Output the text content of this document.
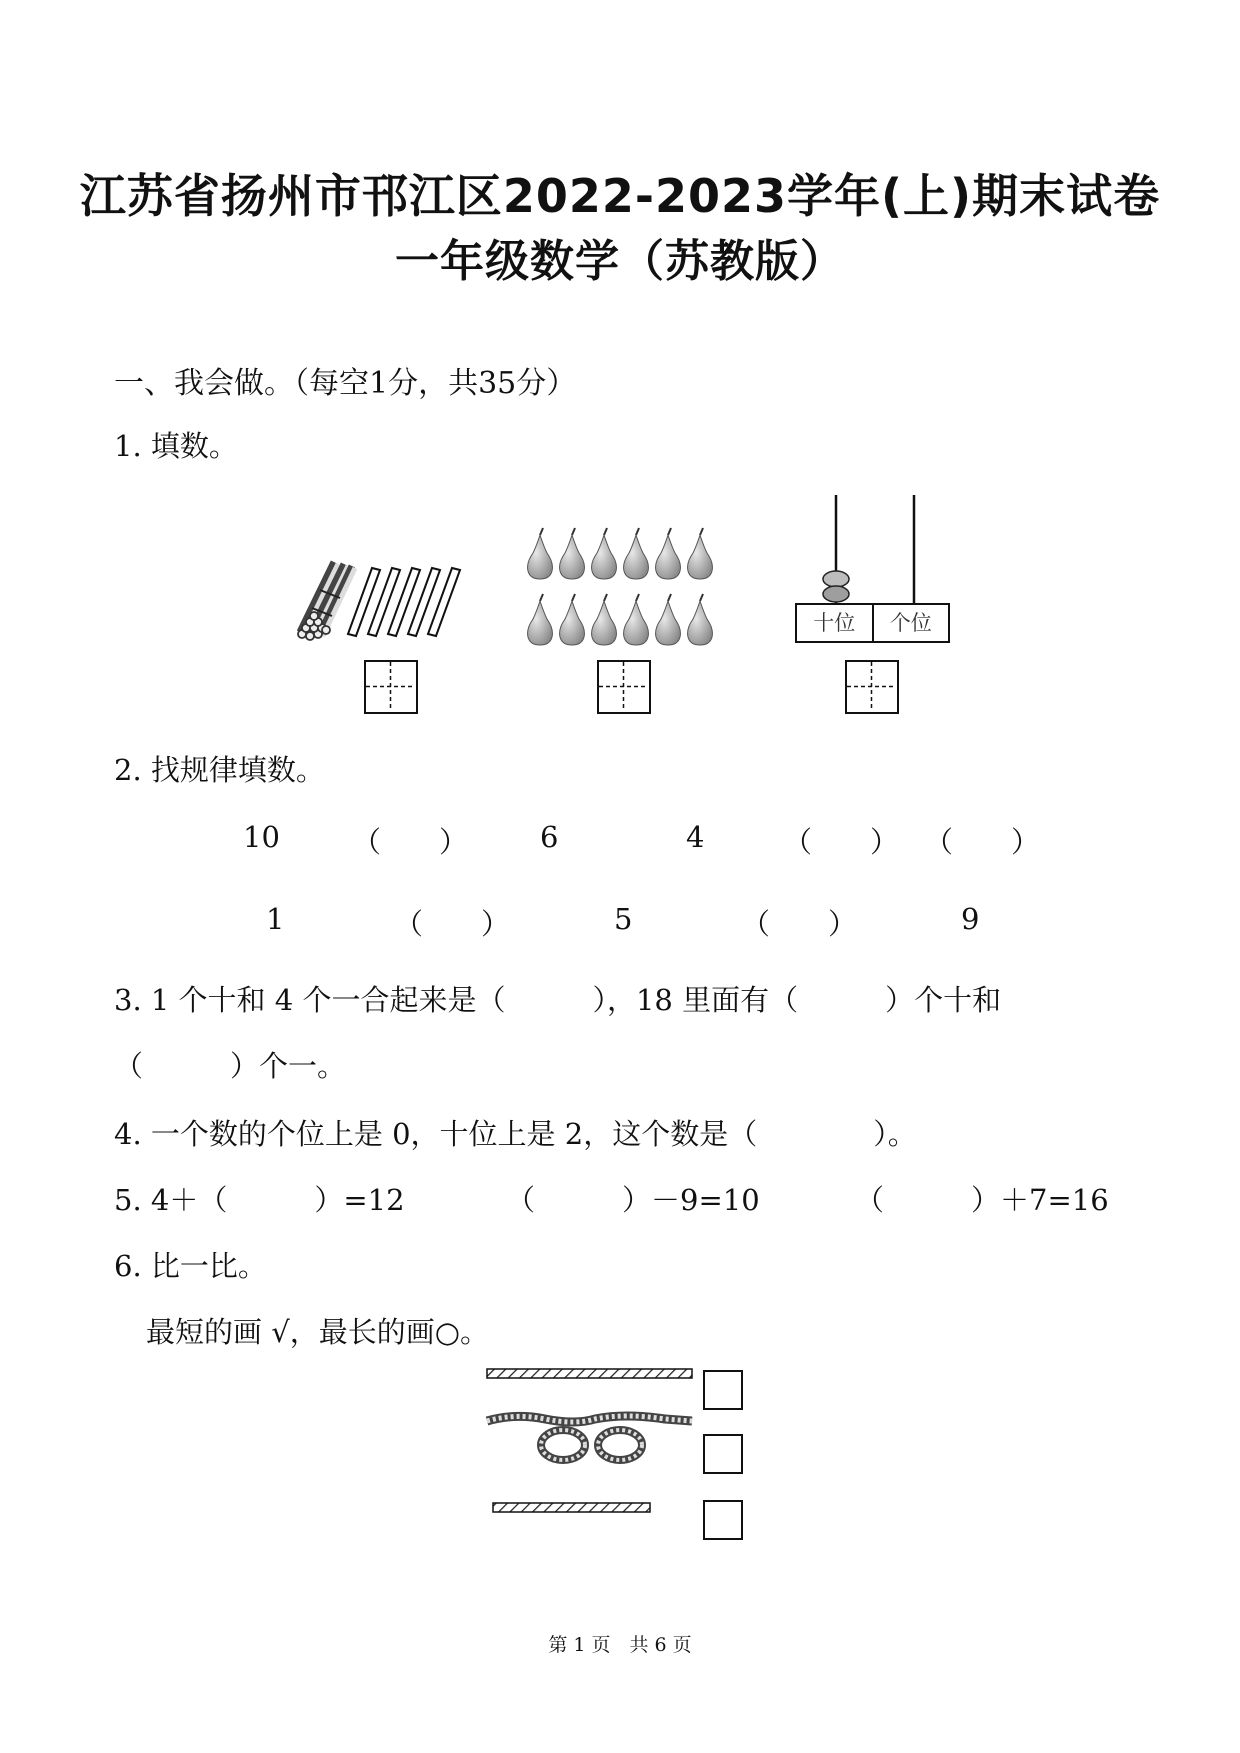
江苏省扬州市邗江区2022-2023学年(上)期末试卷
一年级数学（苏教版）
一、我会做。（每空1分，共35分）
1. 填数。
十位	个位
2. 找规律填数。
10 （　　） 6	4	（　　） （　　）
1	（　　）	5	（　　）	9
3. 1 个十和 4 个一合起来是（　　　），18 里面有（　　　）个十和
（　　　）个一。
4. 一个数的个位上是 0，十位上是 2，这个数是（　　　　）。
5. 4＋（　　　）=12	（　　　）－9=10	（　　　）＋7=16
6. 比一比。
最短的画 √，最长的画○。
第 1 页　共 6 页
